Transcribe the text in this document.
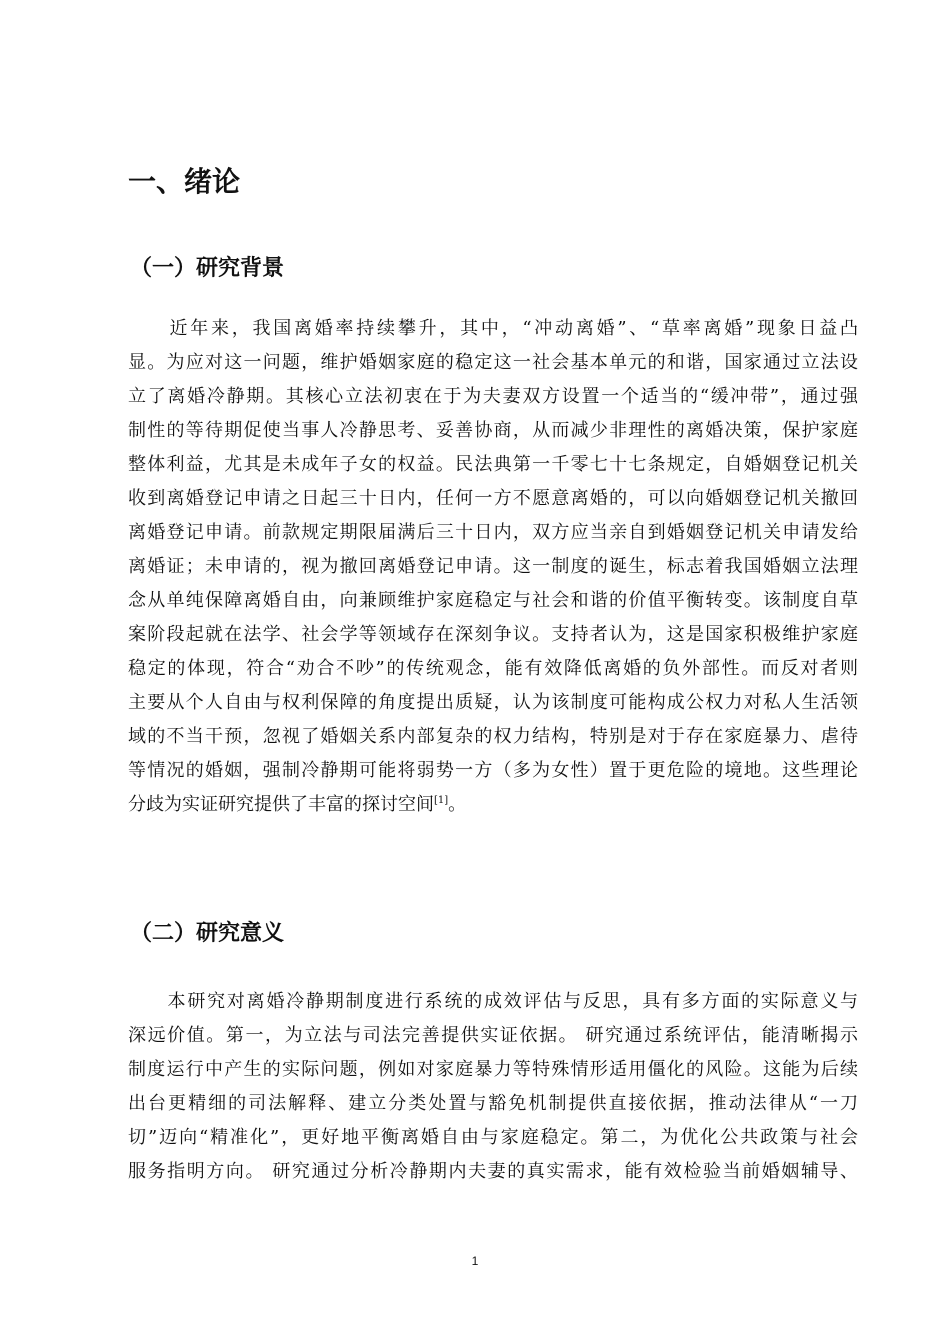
一、绪论
（一）研究背景
　　近年来，我国离婚率持续攀升，其中，“冲动离婚”、“草率离婚”现象日益凸
显。为应对这一问题，维护婚姻家庭的稳定这一社会基本单元的和谐，国家通过立法设
立了离婚冷静期。其核心立法初衷在于为夫妻双方设置一个适当的“缓冲带”，通过强
制性的等待期促使当事人冷静思考、妥善协商，从而减少非理性的离婚决策，保护家庭
整体利益，尤其是未成年子女的权益。民法典第一千零七十七条规定，自婚姻登记机关
收到离婚登记申请之日起三十日内，任何一方不愿意离婚的，可以向婚姻登记机关撤回
离婚登记申请。前款规定期限届满后三十日内，双方应当亲自到婚姻登记机关申请发给
离婚证；未申请的，视为撤回离婚登记申请。这一制度的诞生，标志着我国婚姻立法理
念从单纯保障离婚自由，向兼顾维护家庭稳定与社会和谐的价值平衡转变。该制度自草
案阶段起就在法学、社会学等领域存在深刻争议。支持者认为，这是国家积极维护家庭
稳定的体现，符合“劝合不吵”的传统观念，能有效降低离婚的负外部性。而反对者则
主要从个人自由与权利保障的角度提出质疑，认为该制度可能构成公权力对私人生活领
域的不当干预，忽视了婚姻关系内部复杂的权力结构，特别是对于存在家庭暴力、虐待
等情况的婚姻，强制冷静期可能将弱势一方（多为女性）置于更危险的境地。这些理论
分歧为实证研究提供了丰富的探讨空间[1]。
（二）研究意义
　　本研究对离婚冷静期制度进行系统的成效评估与反思，具有多方面的实际意义与
深远价值。第一，为立法与司法完善提供实证依据。 研究通过系统评估，能清晰揭示
制度运行中产生的实际问题，例如对家庭暴力等特殊情形适用僵化的风险。这能为后续
出台更精细的司法解释、建立分类处置与豁免机制提供直接依据，推动法律从“一刀
切”迈向“精准化”，更好地平衡离婚自由与家庭稳定。第二，为优化公共政策与社会
服务指明方向。 研究通过分析冷静期内夫妻的真实需求，能有效检验当前婚姻辅导、
1
